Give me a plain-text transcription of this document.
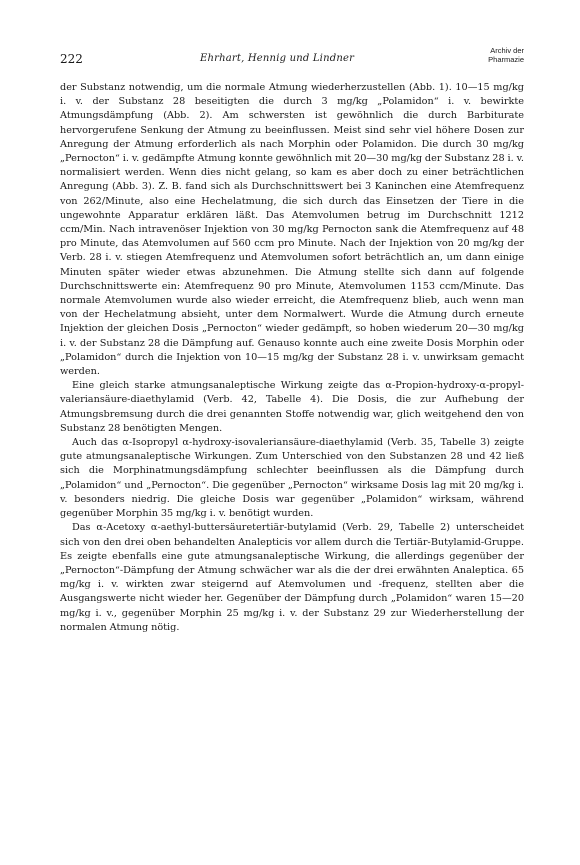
222	Ehrhart, Hennig und Lindner
Archiv der
Pharmazie

der Substanz notwendig, um die normale Atmung wiederherzustellen (Abb. 1). 10—15 mg/kg i. v. der Substanz 28 beseitigten die durch 3 mg/kg „Polamidon“ i. v. bewirkte Atmungsdämpfung (Abb. 2). Am schwersten ist gewöhnlich die durch Barbiturate hervorgerufene Senkung der Atmung zu beeinflussen. Meist sind sehr viel höhere Dosen zur Anregung der Atmung erforderlich als nach Morphin oder Polamidon. Die durch 30 mg/kg „Pernocton“ i. v. gedämpfte Atmung konnte gewöhnlich mit 20—30 mg/kg der Substanz 28 i. v. normalisiert werden. Wenn dies nicht gelang, so kam es aber doch zu einer beträchtlichen Anregung (Abb. 3). Z. B. fand sich als Durchschnittswert bei 3 Kaninchen eine Atemfrequenz von 262/Minute, also eine Hechelatmung, die sich durch das Einsetzen der Tiere in die ungewohnte Apparatur erklären läßt. Das Atemvolumen betrug im Durchschnitt 1212 ccm/Min. Nach intravenöser Injektion von 30 mg/kg Pernocton sank die Atemfrequenz auf 48 pro Minute, das Atemvolumen auf 560 ccm pro Minute. Nach der Injektion von 20 mg/kg der Verb. 28 i. v. stiegen Atemfrequenz und Atemvolumen sofort beträchtlich an, um dann einige Minuten später wieder etwas abzunehmen. Die Atmung stellte sich dann auf folgende Durchschnittswerte ein: Atemfrequenz 90 pro Minute, Atemvolumen 1153 ccm/Minute. Das normale Atemvolumen wurde also wieder erreicht, die Atemfrequenz blieb, auch wenn man von der Hechelatmung absieht, unter dem Normalwert. Wurde die Atmung durch erneute Injektion der gleichen Dosis „Pernocton“ wieder gedämpft, so hoben wiederum 20—30 mg/kg i. v. der Substanz 28 die Dämpfung auf. Genauso konnte auch eine zweite Dosis Morphin oder „Polamidon“ durch die Injektion von 10—15 mg/kg der Substanz 28 i. v. unwirksam gemacht werden.

Eine gleich starke atmungsanaleptische Wirkung zeigte das α-Propion-hydroxy-α-propyl-valeriansäure-diaethylamid (Verb. 42, Tabelle 4). Die Dosis, die zur Aufhebung der Atmungsbremsung durch die drei genannten Stoffe notwendig war, glich weitgehend den von Substanz 28 benötigten Mengen.

Auch das α-Isopropyl α-hydroxy-isovaleriansäure-diaethylamid (Verb. 35, Tabelle 3) zeigte gute atmungsanaleptische Wirkungen. Zum Unterschied von den Substanzen 28 und 42 ließ sich die Morphinatmungsdämpfung schlechter beeinflussen als die Dämpfung durch „Polamidon“ und „Pernocton“. Die gegenüber „Pernocton“ wirksame Dosis lag mit 20 mg/kg i. v. besonders niedrig. Die gleiche Dosis war gegenüber „Polamidon“ wirksam, während gegenüber Morphin 35 mg/kg i. v. benötigt wurden.

Das α-Acetoxy α-aethyl-buttersäuretertiär-butylamid (Verb. 29, Tabelle 2) unterscheidet sich von den drei oben behandelten Analepticis vor allem durch die Tertiär-Butylamid-Gruppe. Es zeigte ebenfalls eine gute atmungsanaleptische Wirkung, die allerdings gegenüber der „Pernocton“-Dämpfung der Atmung schwächer war als die der drei erwähnten Analeptica. 65 mg/kg i. v. wirkten zwar steigernd auf Atemvolumen und -frequenz, stellten aber die Ausgangswerte nicht wieder her. Gegenüber der Dämpfung durch „Polamidon“ waren 15—20 mg/kg i. v., gegenüber Morphin 25 mg/kg i. v. der Substanz 29 zur Wiederherstellung der normalen Atmung nötig.
